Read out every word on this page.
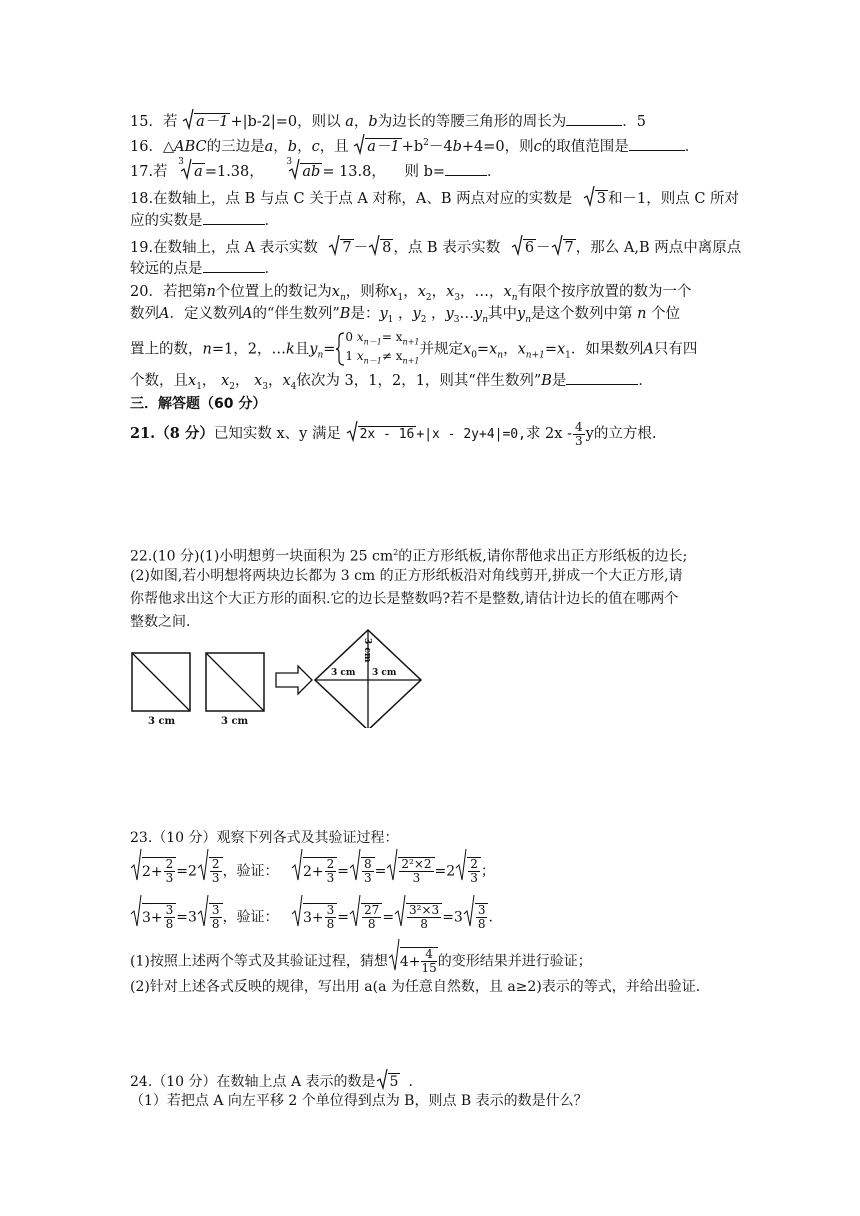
15．若 a－1 +|b-2|=0，则以 a，b为边长的等腰三角形的周长为	．5
16．△ABC的三边是a，b，c，且 $a-1 +b^2-4b+4=0$，则c的取值范围是	．
17.若
3
a =1.38，
3
ab = 13.8， 则 b=	．
18.在数轴上，点 B 与点 C 关于点 A 对称，A、B 两点对应的实数是 3 和－1，则点 C 所对
应的实数是	．
19.在数轴上，点 A 表示实数 7 － 8 ，点 B 表示实数 6 － 7 ，那么 A,B 两点中离原点
较远的点是	．
20．若把第n个位置上的数记为$x_n$，则称$x_1$，$x_2$，$x_3$，…，$x_n$有限个按序放置的数为一个
数列A．定义数列A的“伴生数列”B是：$y_1$ ，$y_2$ ，$y_3\dots y_n$其中$y_n$是这个数列中第 n 个位
置上的数，n=1，2，…k且$y_n=$
0 $x_{n-1}= x_{n+1}$
1 $x_{n-1}\ne x_{n+1}$
并规定$x_0=x_n$，$x_{n+1}=x_1$．如果数列A只有四
个数，且$x_1$， $x_2$， $x_3$，$x_4$依次为 3，1，2，1，则其“伴生数列”B是	．
三．解答题（60 分）
21.（8 分）已知实数 x、y 满足 2x - 16 +|x - 2y+4|=0,求 $2x - \frac{4}{3}$ y的立方根.
22.(10 分)(1)小明想剪一块面积为 25 $cm^2$的正方形纸板,请你帮他求出正方形纸板的边长;
(2)如图,若小明想将两块边长都为 3 cm 的正方形纸板沿对角线剪开,拼成一个大正方形,请
你帮他求出这个大正方形的面积.它的边长是整数吗?若不是整数,请估计边长的值在哪两个
整数之间.
3 cm	3 cm
3 cm
3 cm 3 cm
23.（10 分）观察下列各式及其验证过程：
$2+ \frac{2}{3} =2 \frac{2}{3}$ ，验证： $2+ \frac{2}{3} = \frac{8}{3} = \frac{\text{2²×2}}{3} =2 \frac{2}{3}$ ；
$3+ \frac{3}{8} =3 \frac{3}{8}$ ，验证： $3+ \frac{3}{8} = \frac{27}{8} = \frac{\text{3²×3}}{8} =3 \frac{3}{8}$ .
(1)按照上述两个等式及其验证过程，猜想 $4+ \frac{4}{15}$ 的变形结果并进行验证；
(2)针对上述各式反映的规律，写出用 a(a 为任意自然数，且 a≥2)表示的等式，并给出验证.
24.（10 分）在数轴上点 A 表示的数是 5 ．
（1）若把点 A 向左平移 2 个单位得到点为 B，则点 B 表示的数是什么？
